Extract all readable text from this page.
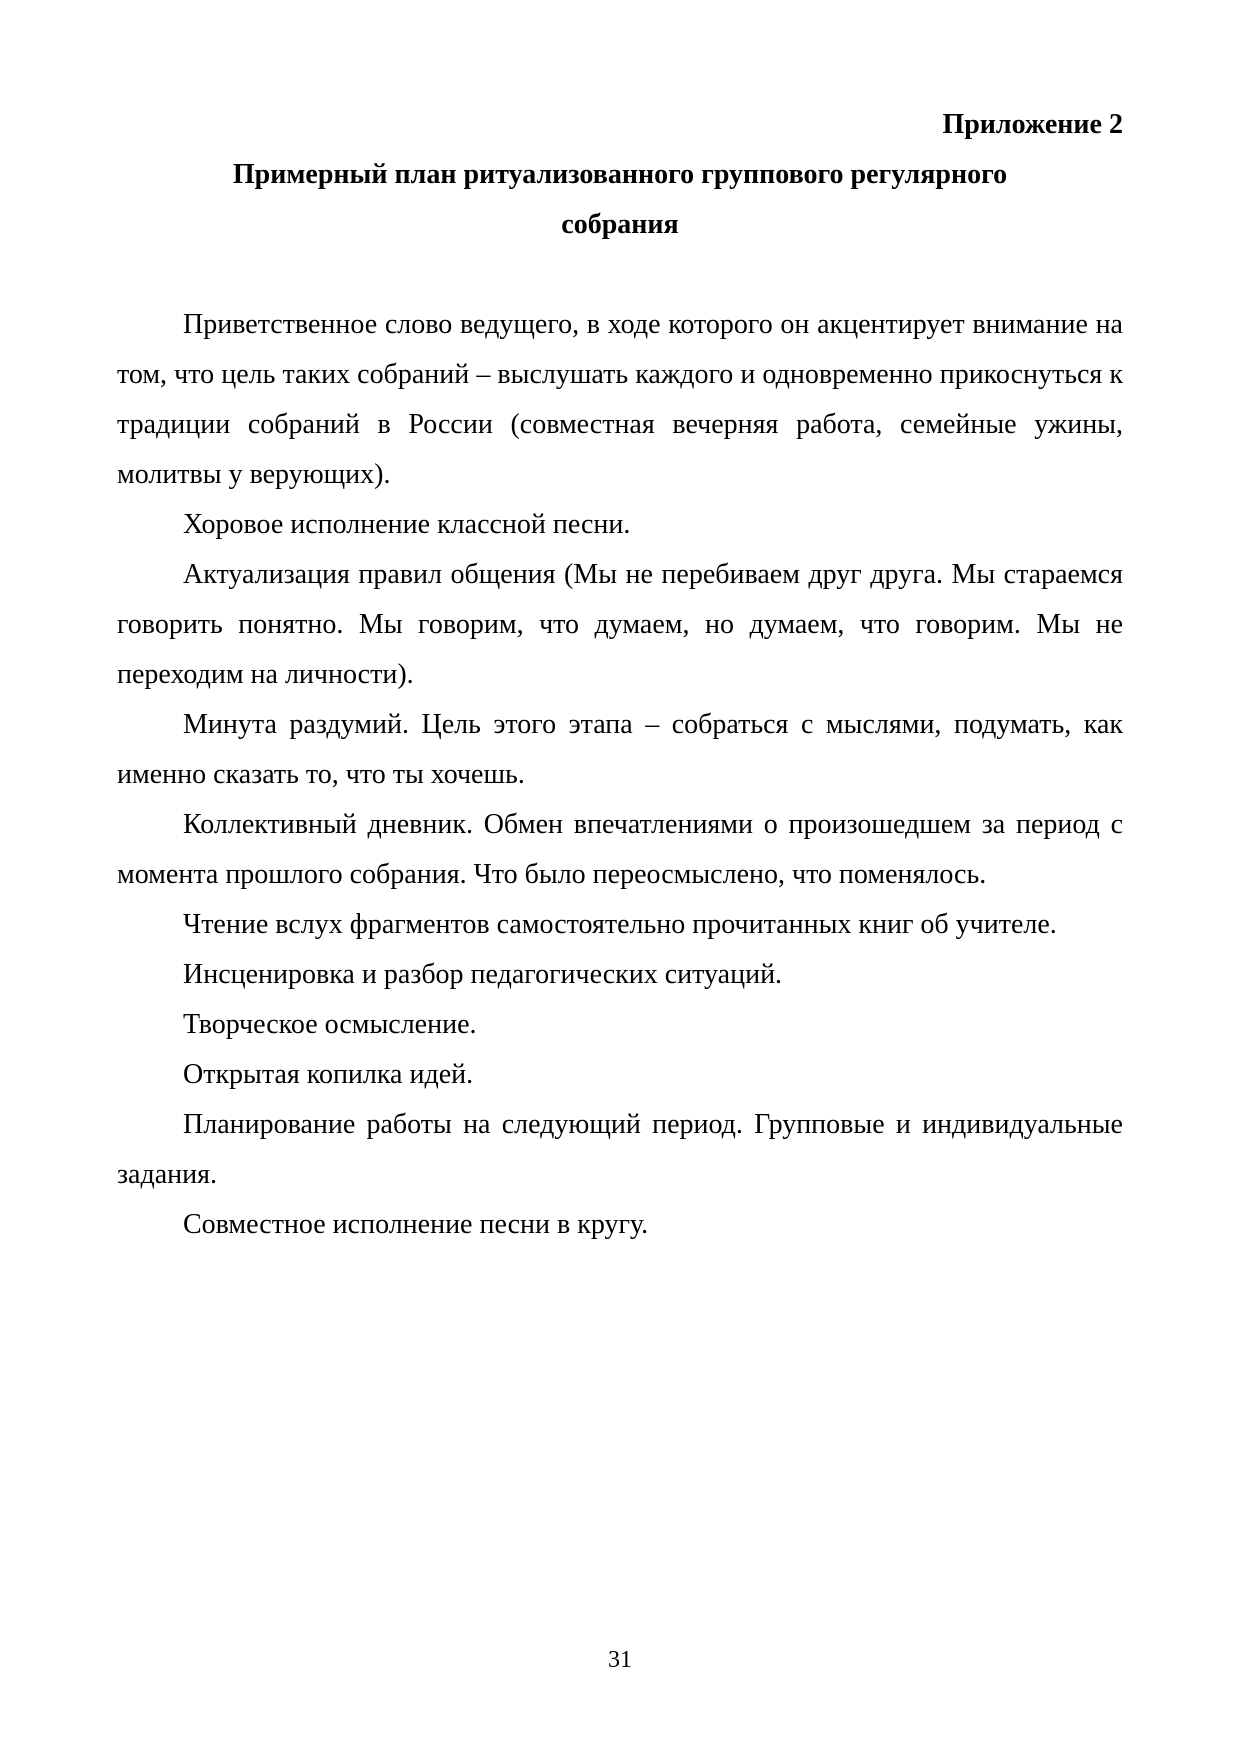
Приложение 2
Примерный план ритуализованного группового регулярного
собрания

Приветственное слово ведущего, в ходе которого он акцентирует внимание на том, что цель таких собраний – выслушать каждого и одновременно прикоснуться к традиции собраний в России (совместная вечерняя работа, семейные ужины, молитвы у верующих).

Хоровое исполнение классной песни.

Актуализация правил общения (Мы не перебиваем друг друга. Мы стараемся говорить понятно. Мы говорим, что думаем, но думаем, что говорим. Мы не переходим на личности).

Минута раздумий. Цель этого этапа – собраться с мыслями, подумать, как именно сказать то, что ты хочешь.

Коллективный дневник. Обмен впечатлениями о произошедшем за период с момента прошлого собрания. Что было переосмыслено, что поменялось.

Чтение вслух фрагментов самостоятельно прочитанных книг об учителе.

Инсценировка и разбор педагогических ситуаций.

Творческое осмысление.

Открытая копилка идей.

Планирование работы на следующий период. Групповые и индивидуальные задания.

Совместное исполнение песни в кругу.

31
